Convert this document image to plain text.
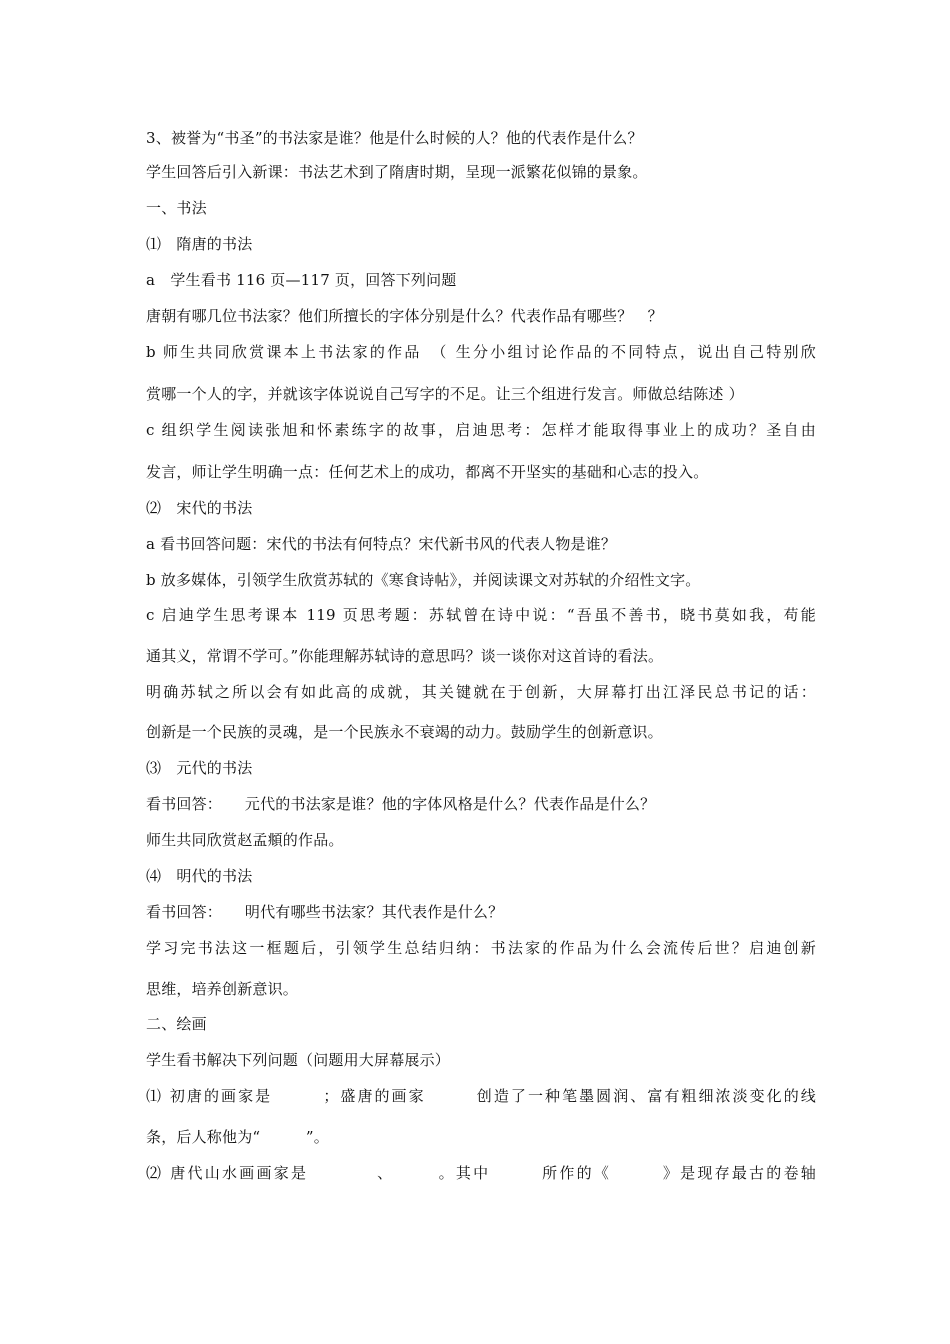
3、被誉为“书圣”的书法家是谁？他是什么时候的人？他的代表作是什么？
学生回答后引入新课：书法艺术到了隋唐时期，呈现一派繁花似锦的景象。
一、书法
⑴　隋唐的书法
a　学生看书 116 页—117 页，回答下列问题
唐朝有哪几位书法家？他们所擅长的字体分别是什么？代表作品有哪些？　？
b 师生共同欣赏课本上书法家的作品　（ 生分小组讨论作品的不同特点，说出自己特别欣
赏哪一个人的字，并就该字体说说自己写字的不足。让三个组进行发言。师做总结陈述 ）
c 组织学生阅读张旭和怀素练字的故事，启迪思考：怎样才能取得事业上的成功？圣自由
发言，师让学生明确一点：任何艺术上的成功，都离不开坚实的基础和心志的投入。
⑵　宋代的书法
a 看书回答问题：宋代的书法有何特点？宋代新书风的代表人物是谁？
b 放多媒体，引领学生欣赏苏轼的《寒食诗帖》，并阅读课文对苏轼的介绍性文字。
c 启迪学生思考课本 119 页思考题：苏轼曾在诗中说：“吾虽不善书，晓书莫如我，苟能
通其义，常谓不学可。”你能理解苏轼诗的意思吗？谈一谈你对这首诗的看法。
明确苏轼之所以会有如此高的成就，其关键就在于创新，大屏幕打出江泽民总书记的话：
创新是一个民族的灵魂，是一个民族永不衰竭的动力。鼓励学生的创新意识。
⑶　元代的书法
看书回答：　　元代的书法家是谁？他的字体风格是什么？代表作品是什么？
师生共同欣赏赵孟頫的作品。
⑷　明代的书法
看书回答：　　明代有哪些书法家？其代表作是什么？
学习完书法这一框题后，引领学生总结归纳：书法家的作品为什么会流传后世？启迪创新
思维，培养创新意识。
二、绘画
学生看书解决下列问题（问题用大屏幕展示）
⑴ 初唐的画家是　　　；盛唐的画家　　　创造了一种笔墨圆润、富有粗细浓淡变化的线
条，后人称他为“　　　”。
⑵ 唐代山水画画家是　　　　、　　　。其中　　　所作的《　　　》是现存最古的卷轴
